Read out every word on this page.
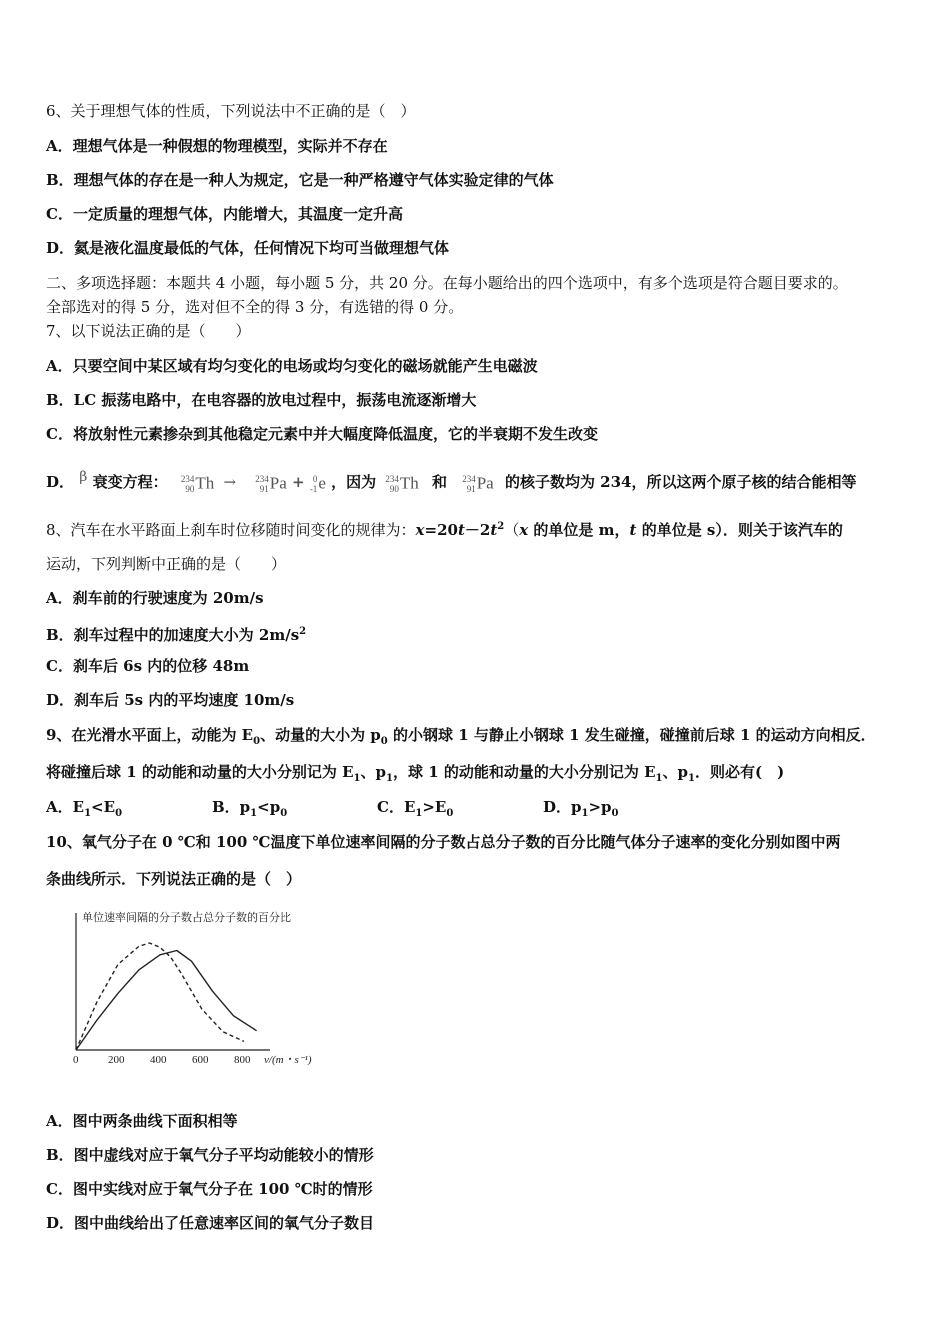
6、关于理想气体的性质，下列说法中不正确的是（　）
A．理想气体是一种假想的物理模型，实际并不存在
B．理想气体的存在是一种人为规定，它是一种严格遵守气体实验定律的气体
C．一定质量的理想气体，内能增大，其温度一定升高
D．氦是液化温度最低的气体，任何情况下均可当做理想气体
二、多项选择题：本题共 4 小题，每小题 5 分，共 20 分。在每小题给出的四个选项中，有多个选项是符合题目要求的。
全部选对的得 5 分，选对但不全的得 3 分，有选错的得 0 分。
7、以下说法正确的是（　　）
A．只要空间中某区域有均匀变化的电场或均匀变化的磁场就能产生电磁波
B．LC 振荡电路中，在电容器的放电过程中，振荡电流逐渐增大
C．将放射性元素掺杂到其他稳定元素中并大幅度降低温度，它的半衰期不发生改变
D． β 衰变方程： 234
90Th → 234
91Pa + 0
-1e ，因为 234
90Th 和 234
91Pa 的核子数均为 234，所以这两个原子核的结合能相等
8、汽车在水平路面上刹车时位移随时间变化的规律为：$x=20t-2t^2(x$ 的单位是 m，t 的单位是 s）．则关于该汽车的
运动，下列判断中正确的是（　　）
A．刹车前的行驶速度为 20m/s
B．刹车过程中的加速度大小为 $2m/s^2$
C．刹车后 6s 内的位移 48m
D．刹车后 5s 内的平均速度 10m/s
9、在光滑水平面上，动能为 $E_0$、动量的大小为 $p_0$ 的小钢球 1 与静止小钢球 1 发生碰撞，碰撞前后球 1 的运动方向相反．
将碰撞后球 1 的动能和动量的大小分别记为 $E_1$、$p_1$，球 1 的动能和动量的大小分别记为 $E_1$、$p_1$．则必有(　)
A．$E_1<E_0$	B．$p_1<p_0$	C．$E_1>E_0$	D．$p_1>p_0$
10、氧气分子在 0 ℃和 100 ℃温度下单位速率间隔的分子数占总分子数的百分比随气体分子速率的变化分别如图中两
条曲线所示．下列说法正确的是（　）
单位速率间隔的分子数占总分子数的百分比
v/(m・s⁻¹)
0	200 400 600 800
A．图中两条曲线下面积相等
B．图中虚线对应于氧气分子平均动能较小的情形
C．图中实线对应于氧气分子在 100 ℃时的情形
D．图中曲线给出了任意速率区间的氧气分子数目
